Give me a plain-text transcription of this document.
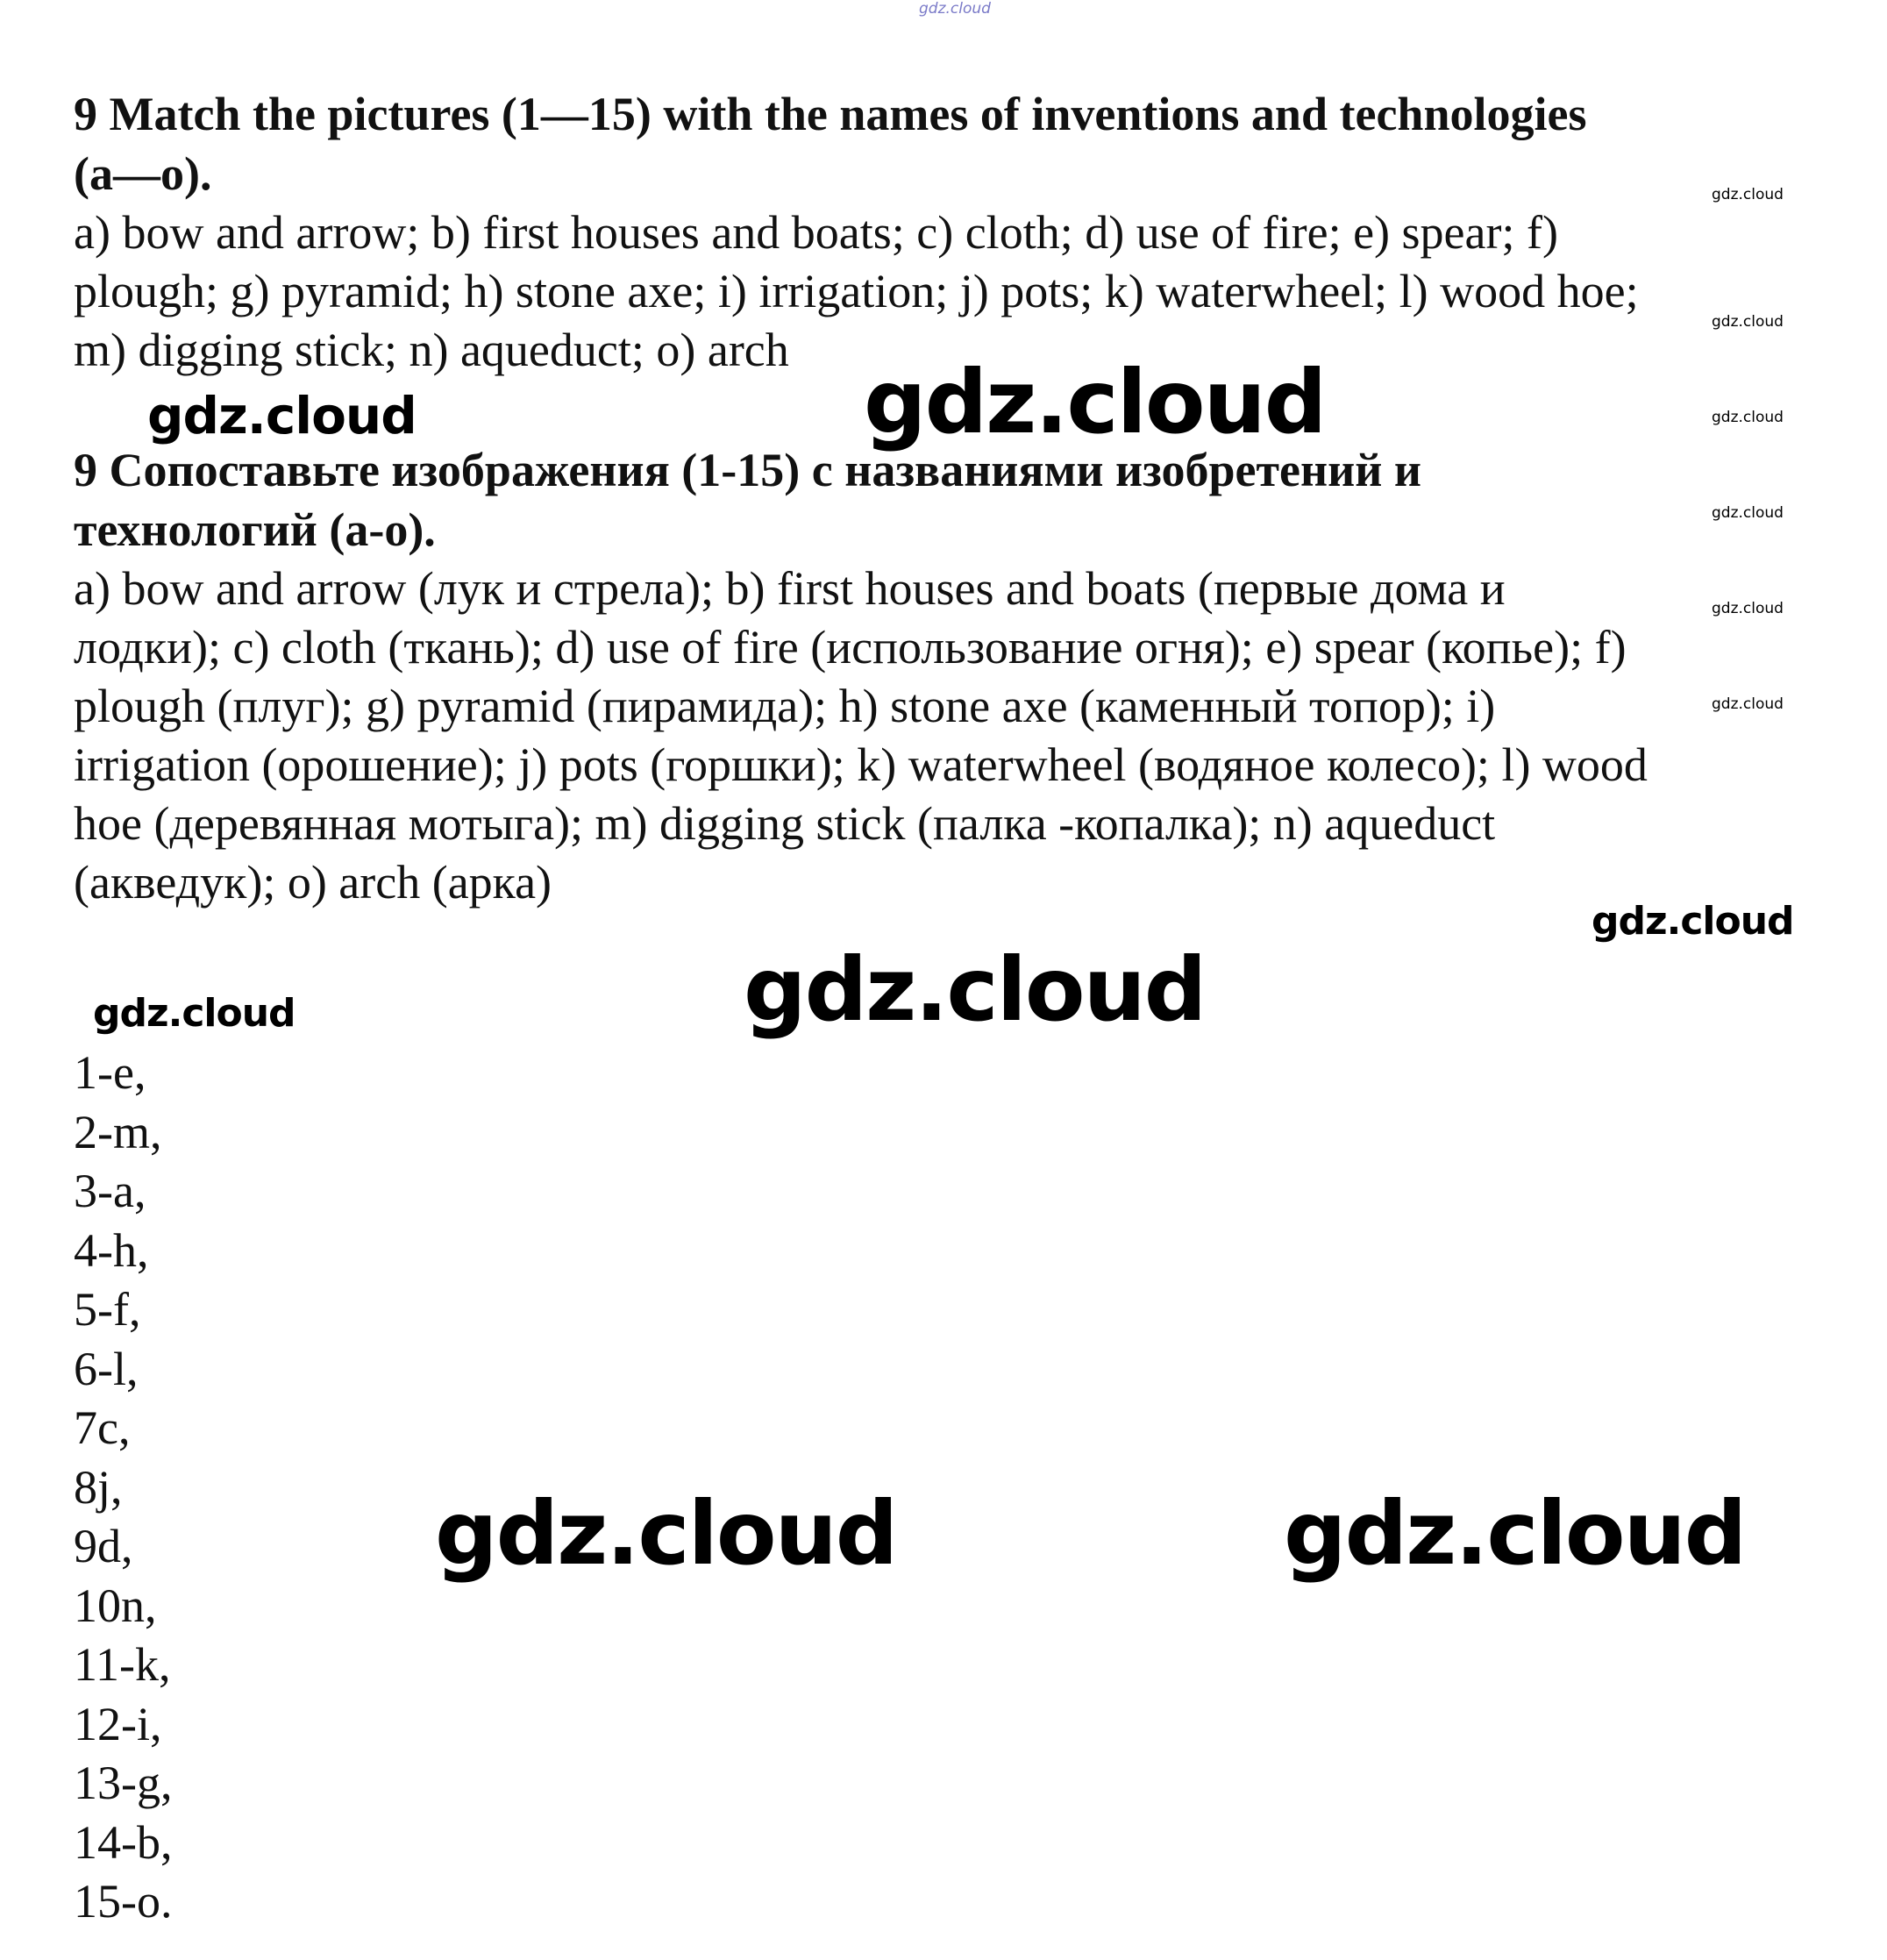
gdz.cloud

9 Match the pictures (1—15) with the names of inventions and technologies

(a—o).

a) bow and arrow; b) first houses and boats; c) cloth; d) use of fire; e) spear; f)

plough; g) pyramid; h) stone axe; i) irrigation; j) pots; k) waterwheel; l) wood hoe;

m) digging stick; n) aqueduct; o) arch

9 Сопоставьте изображения (1-15) с названиями изобретений и

технологий (a-o).

a) bow and arrow (лук и стрела); b) first houses and boats (первые дома и

лодки); c) cloth (ткань); d) use of fire (использование огня); e) spear (копье); f)

plough (плуг); g) pyramid (пирамида); h) stone axe (каменный топор); i)

irrigation (орошение); j) pots (горшки); k) waterwheel (водяное колесо); l) wood

hoe (деревянная мотыга); m) digging stick (палка -копалка); n) aqueduct

(акведук); o) arch (арка)

1-e,
2-m,
3-a,
4-h,
5-f,
6-l,
7c,
8j,
9d,
10n,
11-k,
12-i,
13-g,
14-b,
15-o.
gdz.cloud	gdz.cloud
gdz.cloud
gdz.cloud
gdz.cloud
gdz.cloud	gdz.cloud
gdz.cloud
gdz.cloud
gdz.cloud
gdz.cloud
gdz.cloud
gdz.cloud
